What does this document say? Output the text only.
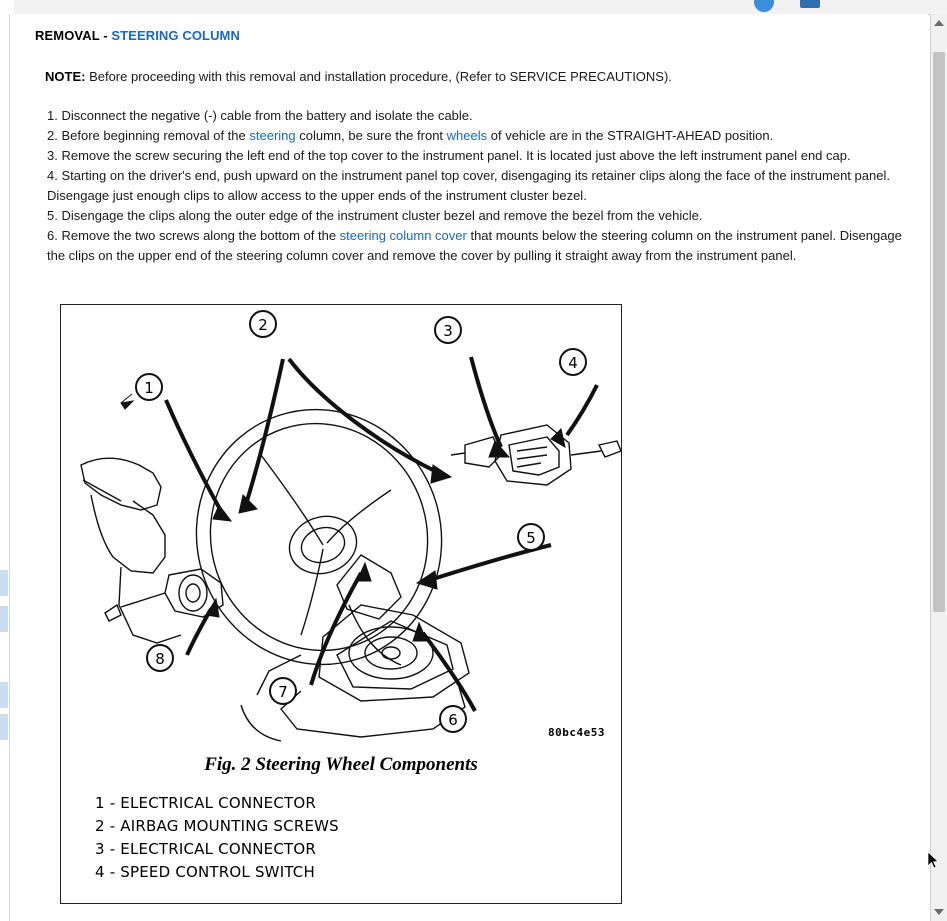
REMOVAL - STEERING COLUMN
NOTE: Before proceeding with this removal and installation procedure, (Refer to SERVICE PRECAUTIONS).
1. Disconnect the negative (-) cable from the battery and isolate the cable.
2. Before beginning removal of the steering column, be sure the front wheels of vehicle are in the STRAIGHT-AHEAD position.
3. Remove the screw securing the left end of the top cover to the instrument panel. It is located just above the left instrument panel end cap.
4. Starting on the driver's end, push upward on the instrument panel top cover, disengaging its retainer clips along the face of the instrument panel. Disengage just enough clips to allow access to the upper ends of the instrument cluster bezel.
5. Disengage the clips along the outer edge of the instrument cluster bezel and remove the bezel from the vehicle.
6. Remove the two screws along the bottom of the steering column cover that mounts below the steering column on the instrument panel. Disengage the clips on the upper end of the steering column cover and remove the cover by pulling it straight away from the instrument panel.
1
2	3
4
5
6
7
8
80bc4e53
Fig. 2 Steering Wheel Components
1 - ELECTRICAL CONNECTOR
2 - AIRBAG MOUNTING SCREWS
3 - ELECTRICAL CONNECTOR
4 - SPEED CONTROL SWITCH
